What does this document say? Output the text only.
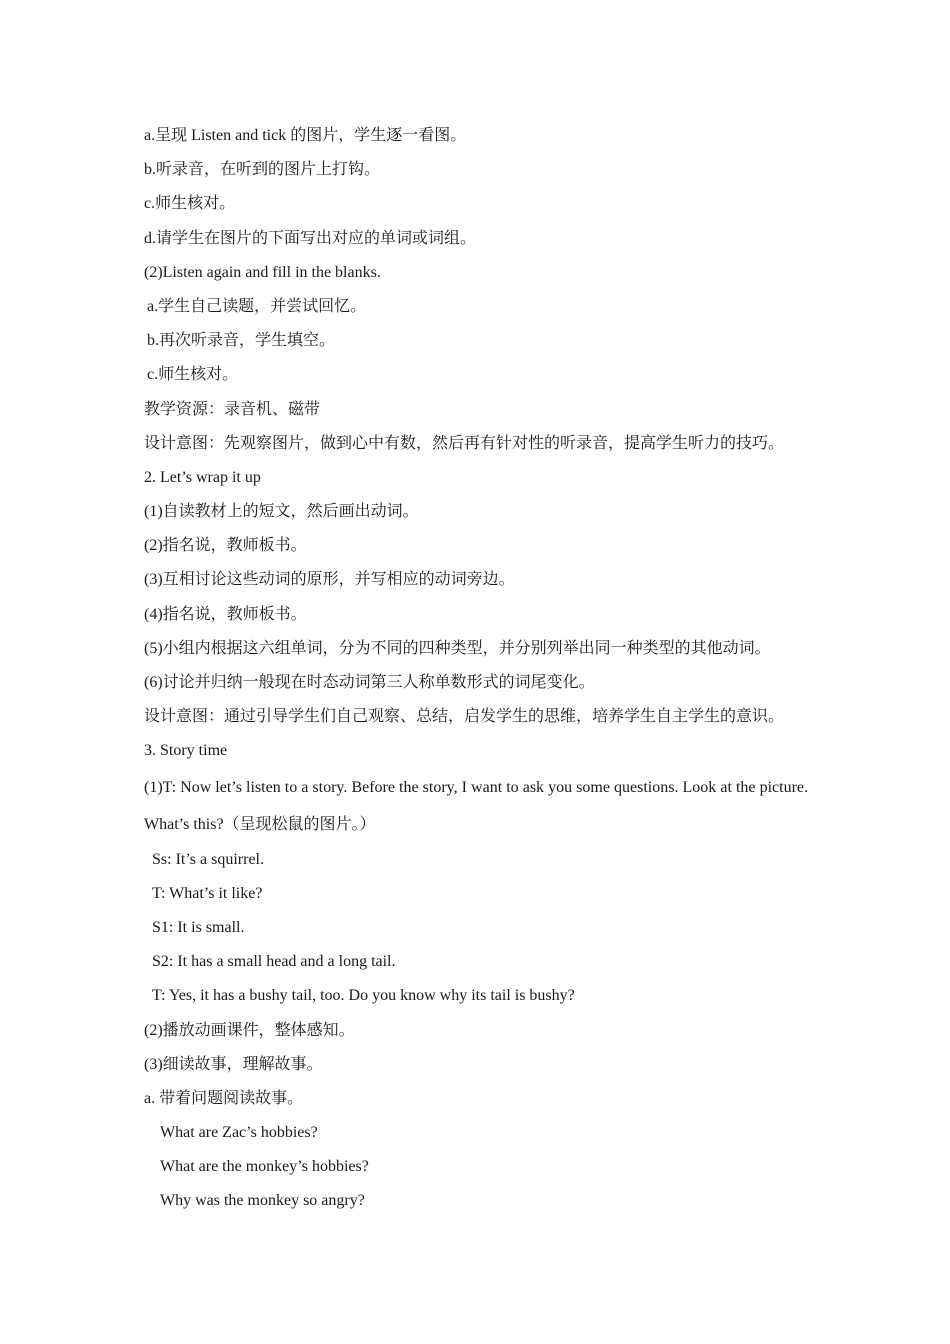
a.呈现 Listen and tick 的图片，学生逐一看图。
b.听录音，在听到的图片上打钩。
c.师生核对。
d.请学生在图片的下面写出对应的单词或词组。
(2)Listen again and fill in the blanks.
a.学生自己读题，并尝试回忆。
b.再次听录音，学生填空。
c.师生核对。
教学资源：录音机、磁带
设计意图：先观察图片，做到心中有数，然后再有针对性的听录音，提高学生听力的技巧。
2. Let’s wrap it up
(1)自读教材上的短文，然后画出动词。
(2)指名说，教师板书。
(3)互相讨论这些动词的原形，并写相应的动词旁边。
(4)指名说，教师板书。
(5)小组内根据这六组单词，分为不同的四种类型，并分别列举出同一种类型的其他动词。
(6)讨论并归纳一般现在时态动词第三人称单数形式的词尾变化。
设计意图：通过引导学生们自己观察、总结，启发学生的思维，培养学生自主学生的意识。
3. Story time
(1)T: Now let’s listen to a story. Before the story, I want to ask you some questions. Look at the picture. What’s this?（呈现松鼠的图片。）
Ss: It’s a squirrel.
T: What’s it like?
S1: It is small.
S2: It has a small head and a long tail.
T: Yes, it has a bushy tail, too. Do you know why its tail is bushy?
(2)播放动画课件，整体感知。
(3)细读故事，理解故事。
a. 带着问题阅读故事。
What are Zac’s hobbies?
What are the monkey’s hobbies?
Why was the monkey so angry?
